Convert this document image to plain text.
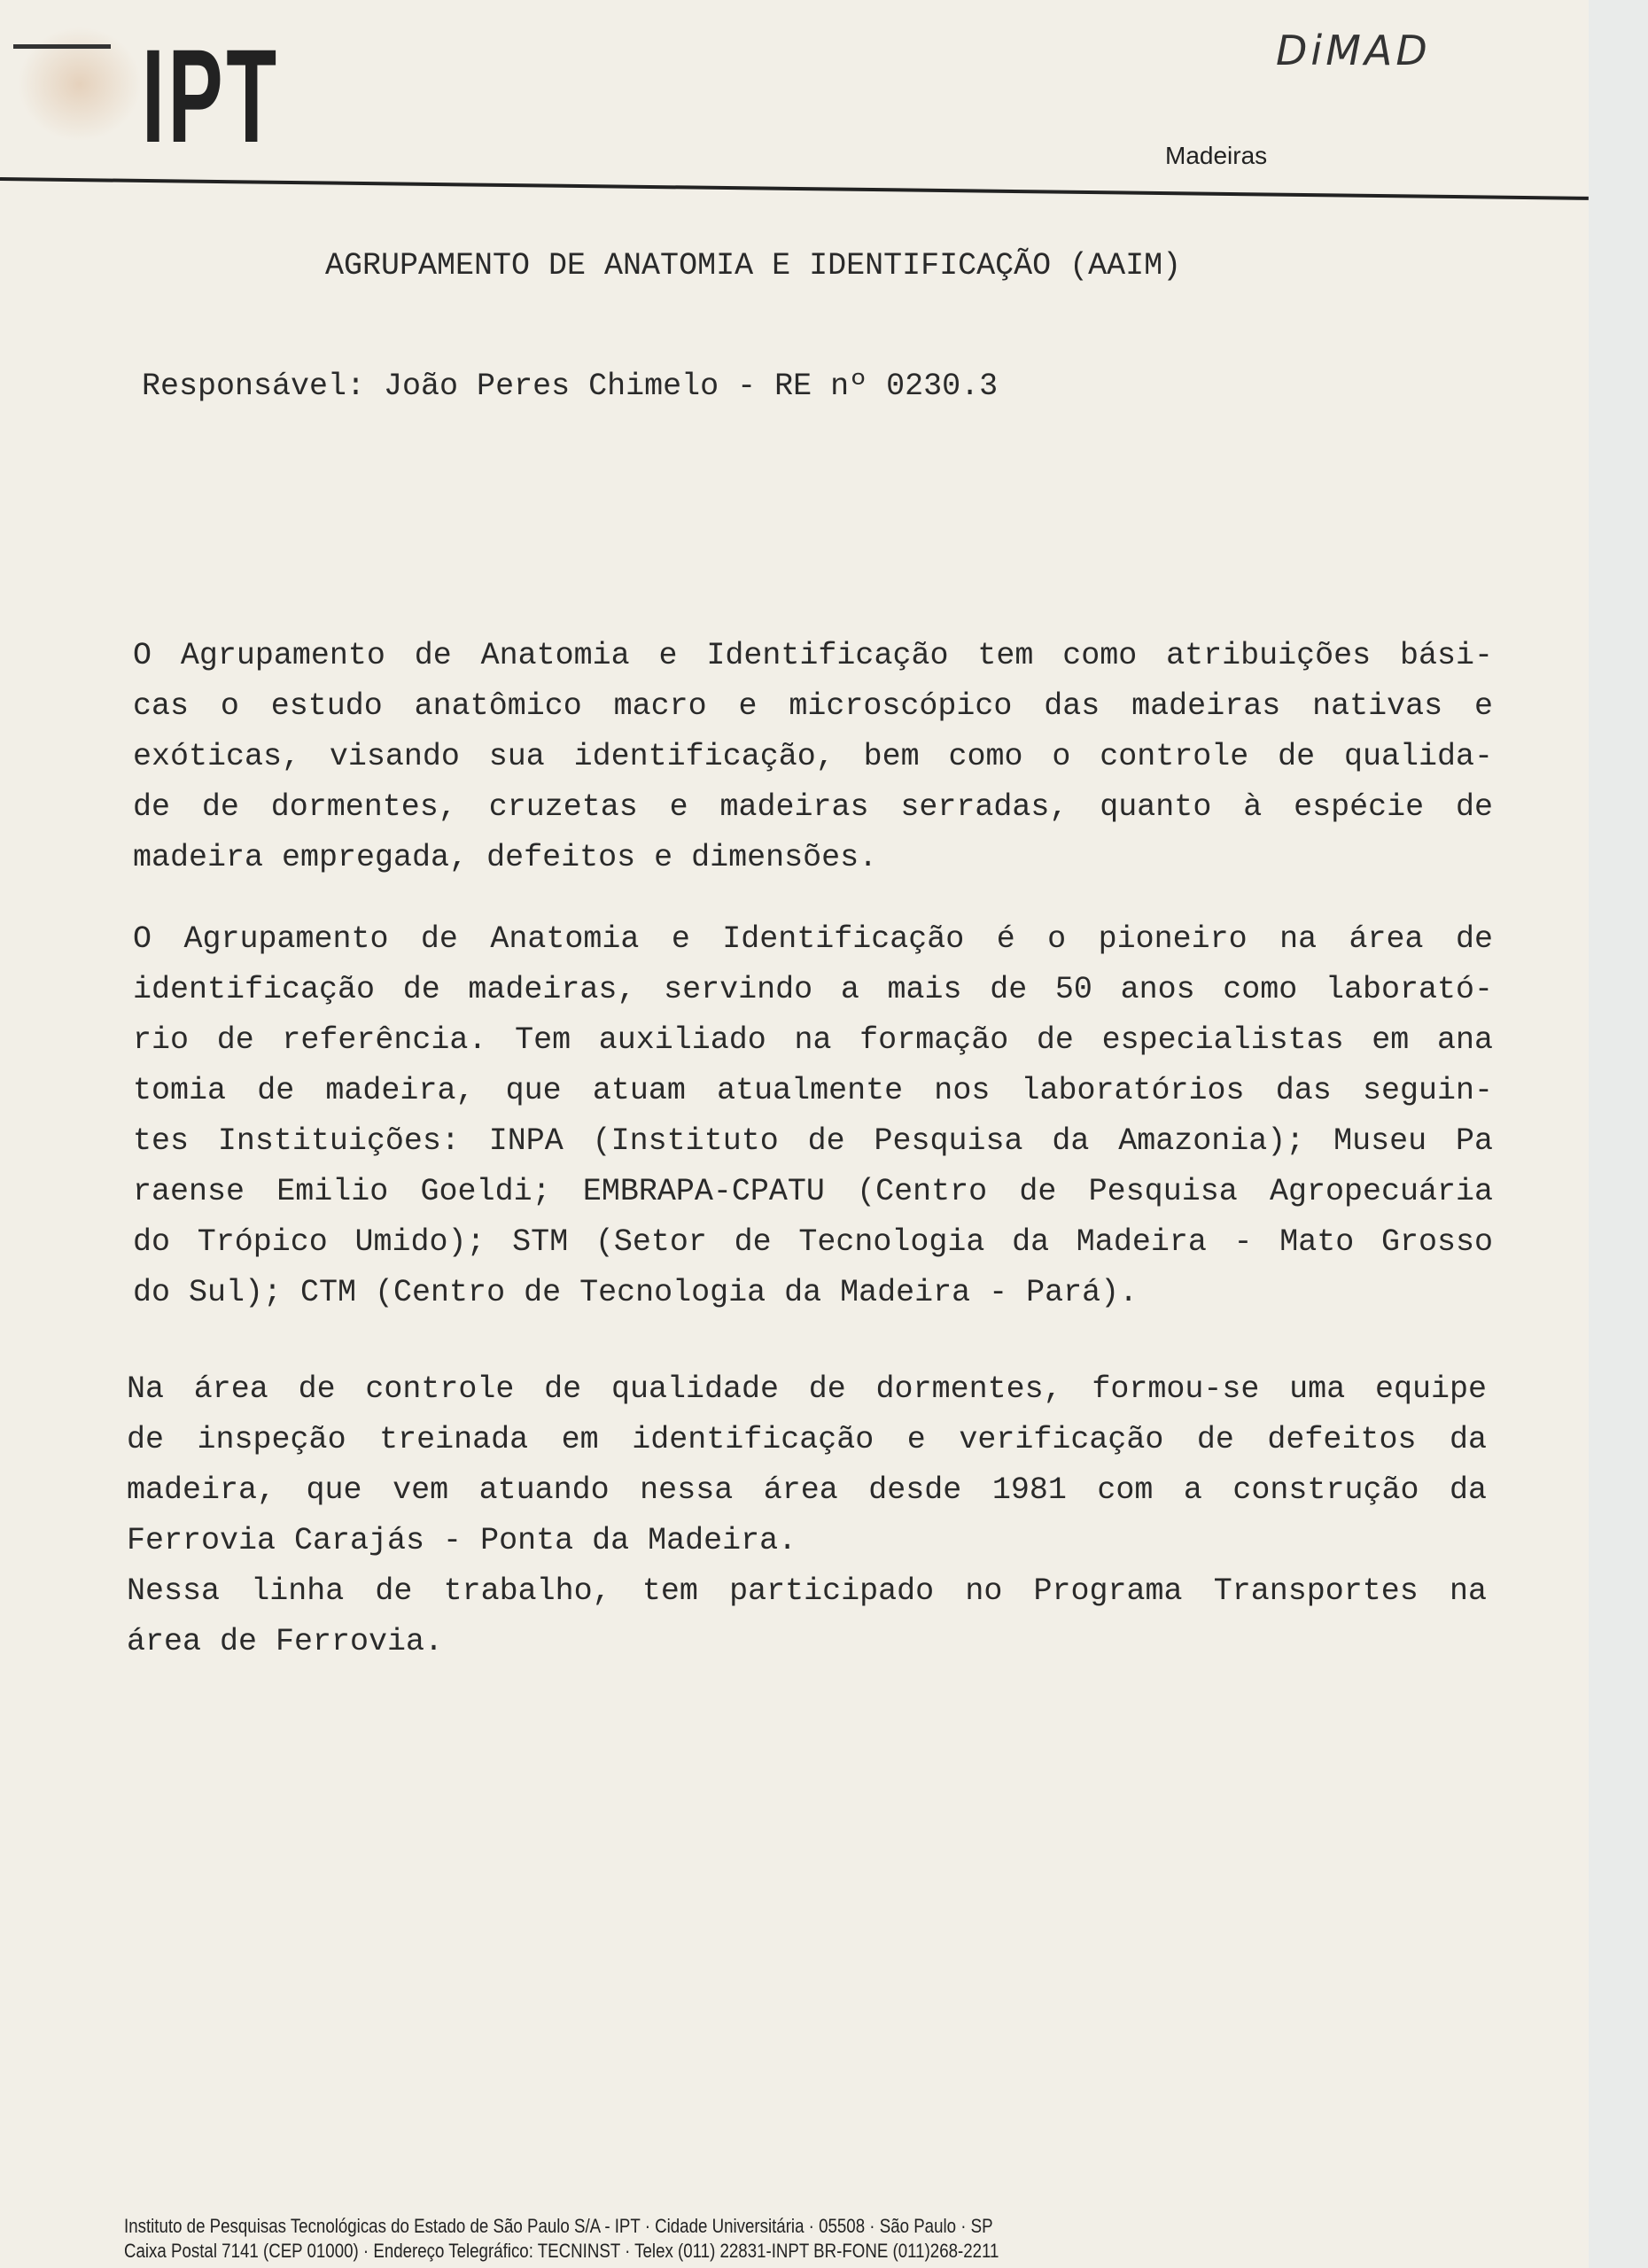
IPT	DiMAD
Madeiras
AGRUPAMENTO DE ANATOMIA E IDENTIFICAÇÃO (AAIM)
Responsável: João Peres Chimelo - RE nº 0230.3
O Agrupamento de Anatomia e Identificação tem como atribuições bási-
cas o estudo anatômico macro e microscópico das madeiras nativas e
exóticas, visando sua identificação, bem como o controle de qualida-
de de dormentes, cruzetas e madeiras serradas, quanto à espécie de
madeira empregada, defeitos e dimensões.
O Agrupamento de Anatomia e Identificação é o pioneiro na área de
identificação de madeiras, servindo a mais de 50 anos como laborató-
rio de referência. Tem auxiliado na formação de especialistas em ana
tomia de madeira, que atuam atualmente nos laboratórios das seguin-
tes Instituições: INPA (Instituto de Pesquisa da Amazonia); Museu Pa
raense Emilio Goeldi; EMBRAPA-CPATU (Centro de Pesquisa Agropecuária
do Trópico Umido); STM (Setor de Tecnologia da Madeira - Mato Grosso
do Sul); CTM (Centro de Tecnologia da Madeira - Pará).
Na área de controle de qualidade de dormentes, formou-se uma equipe
de inspeção treinada em identificação e verificação de defeitos da
madeira, que vem atuando nessa área desde 1981 com a construção da
Ferrovia Carajás - Ponta da Madeira.
Nessa linha de trabalho, tem participado no Programa Transportes na
área de Ferrovia.
Instituto de Pesquisas Tecnológicas do Estado de São Paulo S/A - IPT · Cidade Universitária · 05508 · São Paulo · SP
Caixa Postal 7141 (CEP 01000) · Endereço Telegráfico: TECNINST · Telex (011) 22831-INPT BR-FONE (011)268-2211
